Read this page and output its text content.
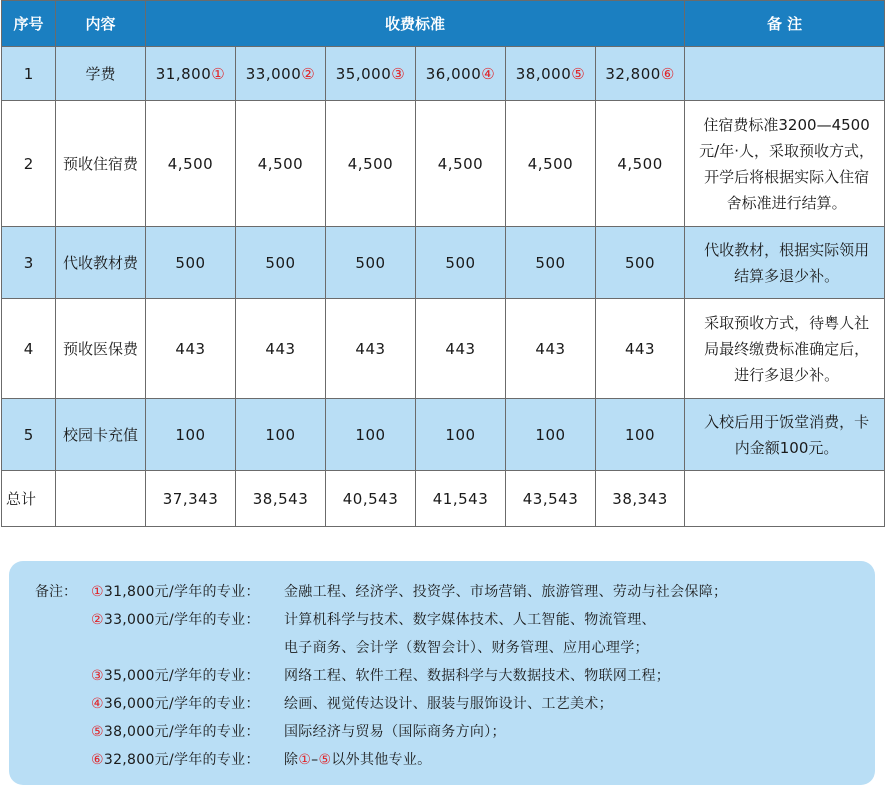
序号	内容	收费标准						备 注
1	学费	31,800①	33,000②	35,000③	36,000④	38,000⑤	32,800⑥	
2	预收住宿费	4,500	4,500	4,500	4,500	4,500	4,500	住宿费标准3200—4500元/年·人，采取预收方式，开学后将根据实际入住宿舍标准进行结算。
3	代收教材费	500	500	500	500	500	500	代收教材，根据实际领用结算多退少补。
4	预收医保费	443	443	443	443	443	443	采取预收方式，待粤人社局最终缴费标准确定后，进行多退少补。
5	校园卡充值	100	100	100	100	100	100	入校后用于饭堂消费，卡内金额100元。
总计		37,343	38,543	40,543	41,543	43,543	38,343	
备注： ①31,800元/学年的专业： 金融工程、经济学、投资学、市场营销、旅游管理、劳动与社会保障；
②33,000元/学年的专业： 计算机科学与技术、数字媒体技术、人工智能、物流管理、
电子商务、会计学（数智会计）、财务管理、应用心理学；
③35,000元/学年的专业： 网络工程、软件工程、数据科学与大数据技术、物联网工程；
④36,000元/学年的专业： 绘画、视觉传达设计、服装与服饰设计、工艺美术；
⑤38,000元/学年的专业： 国际经济与贸易（国际商务方向）；
⑥32,800元/学年的专业： 除①–⑤以外其他专业。
